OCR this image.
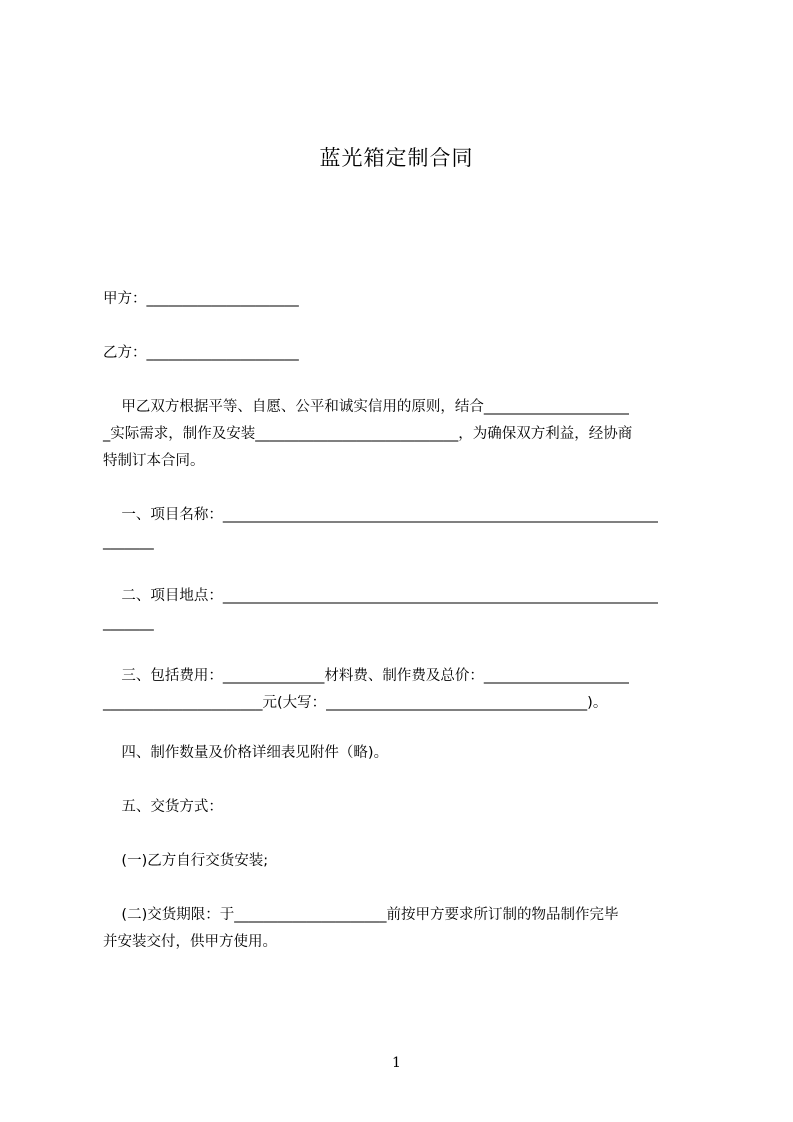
蓝光箱定制合同
甲方：_____________________
乙方：_____________________
甲乙双方根据平等、自愿、公平和诚实信用的原则，结合____________________
_实际需求，制作及安装____________________________，为确保双方利益，经协商
特制订本合同。
一、项目名称：____________________________________________________________
_______
二、项目地点：____________________________________________________________
_______
三、包括费用：______________材料费、制作费及总价：____________________
______________________元(大写：____________________________________)。
四、制作数量及价格详细表见附件（略)。
五、交货方式：
(一)乙方自行交货安装;
(二)交货期限：于_____________________前按甲方要求所订制的物品制作完毕
并安装交付，供甲方使用。
1
